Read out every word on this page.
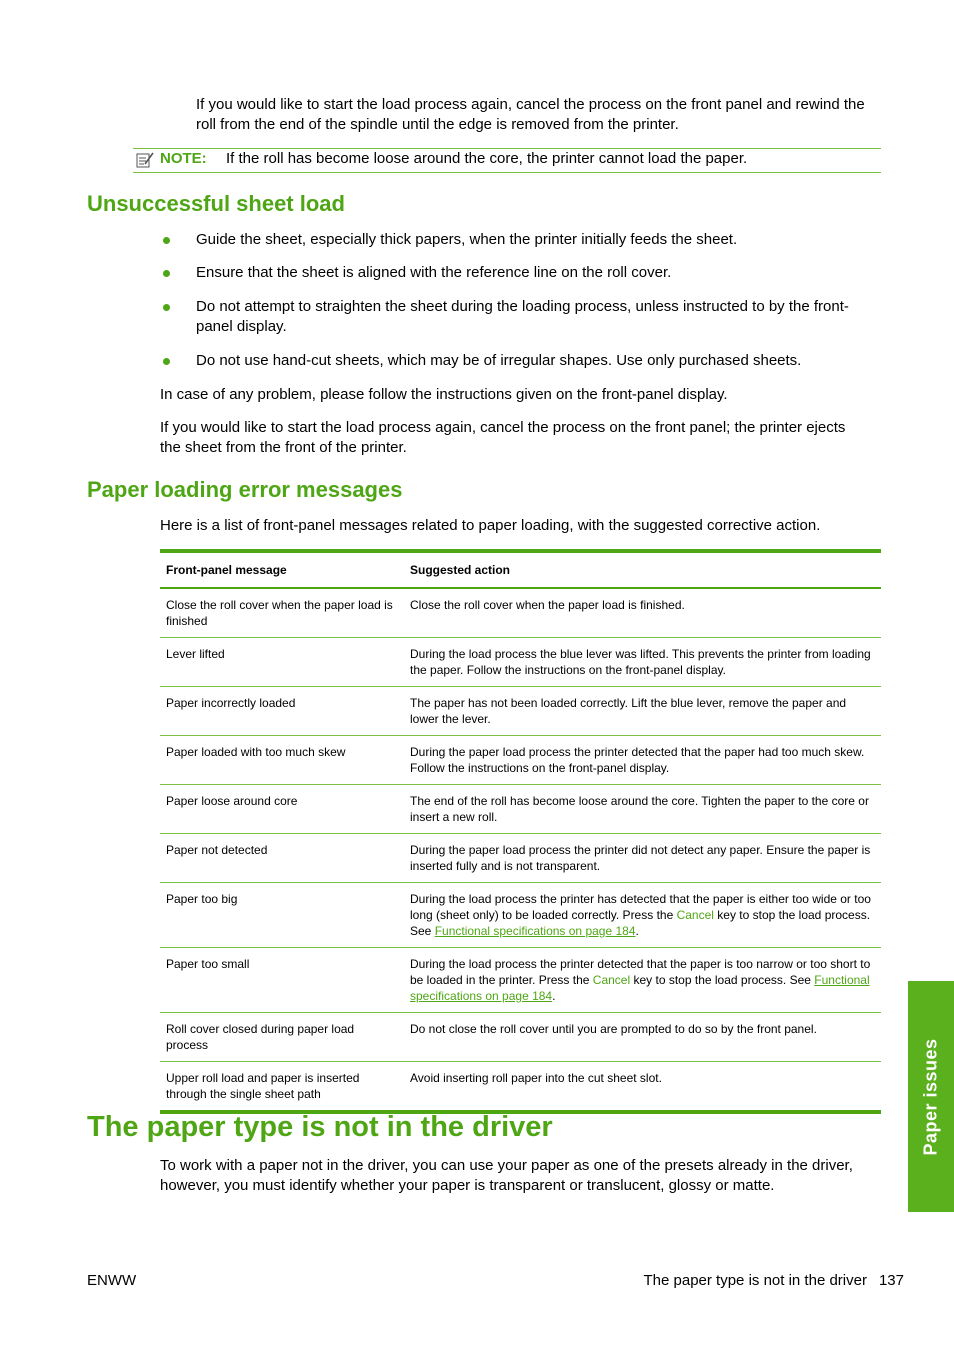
If you would like to start the load process again, cancel the process on the front panel and rewind the roll from the end of the spindle until the edge is removed from the printer.
NOTE: If the roll has become loose around the core, the printer cannot load the paper.
Unsuccessful sheet load
Guide the sheet, especially thick papers, when the printer initially feeds the sheet.
Ensure that the sheet is aligned with the reference line on the roll cover.
Do not attempt to straighten the sheet during the loading process, unless instructed to by the front-panel display.
Do not use hand-cut sheets, which may be of irregular shapes. Use only purchased sheets.
In case of any problem, please follow the instructions given on the front-panel display.
If you would like to start the load process again, cancel the process on the front panel; the printer ejects the sheet from the front of the printer.
Paper loading error messages
Here is a list of front-panel messages related to paper loading, with the suggested corrective action.
Front-panel message	Suggested action
Close the roll cover when the paper load is finished	Close the roll cover when the paper load is finished.
Lever lifted	During the load process the blue lever was lifted. This prevents the printer from loading the paper. Follow the instructions on the front-panel display.
Paper incorrectly loaded	The paper has not been loaded correctly. Lift the blue lever, remove the paper and lower the lever.
Paper loaded with too much skew	During the paper load process the printer detected that the paper had too much skew. Follow the instructions on the front-panel display.
Paper loose around core	The end of the roll has become loose around the core. Tighten the paper to the core or insert a new roll.
Paper not detected	During the paper load process the printer did not detect any paper. Ensure the paper is inserted fully and is not transparent.
Paper too big	During the load process the printer has detected that the paper is either too wide or too long (sheet only) to be loaded correctly. Press the Cancel key to stop the load process. See Functional specifications on page 184.
Paper too small	During the load process the printer detected that the paper is too narrow or too short to be loaded in the printer. Press the Cancel key to stop the load process. See Functional specifications on page 184.
Roll cover closed during paper load process	Do not close the roll cover until you are prompted to do so by the front panel.
Upper roll load and paper is inserted through the single sheet path	Avoid inserting roll paper into the cut sheet slot.
The paper type is not in the driver
To work with a paper not in the driver, you can use your paper as one of the presets already in the driver, however, you must identify whether your paper is transparent or translucent, glossy or matte.
Paper issues
ENWW	The paper type is not in the driver 137
